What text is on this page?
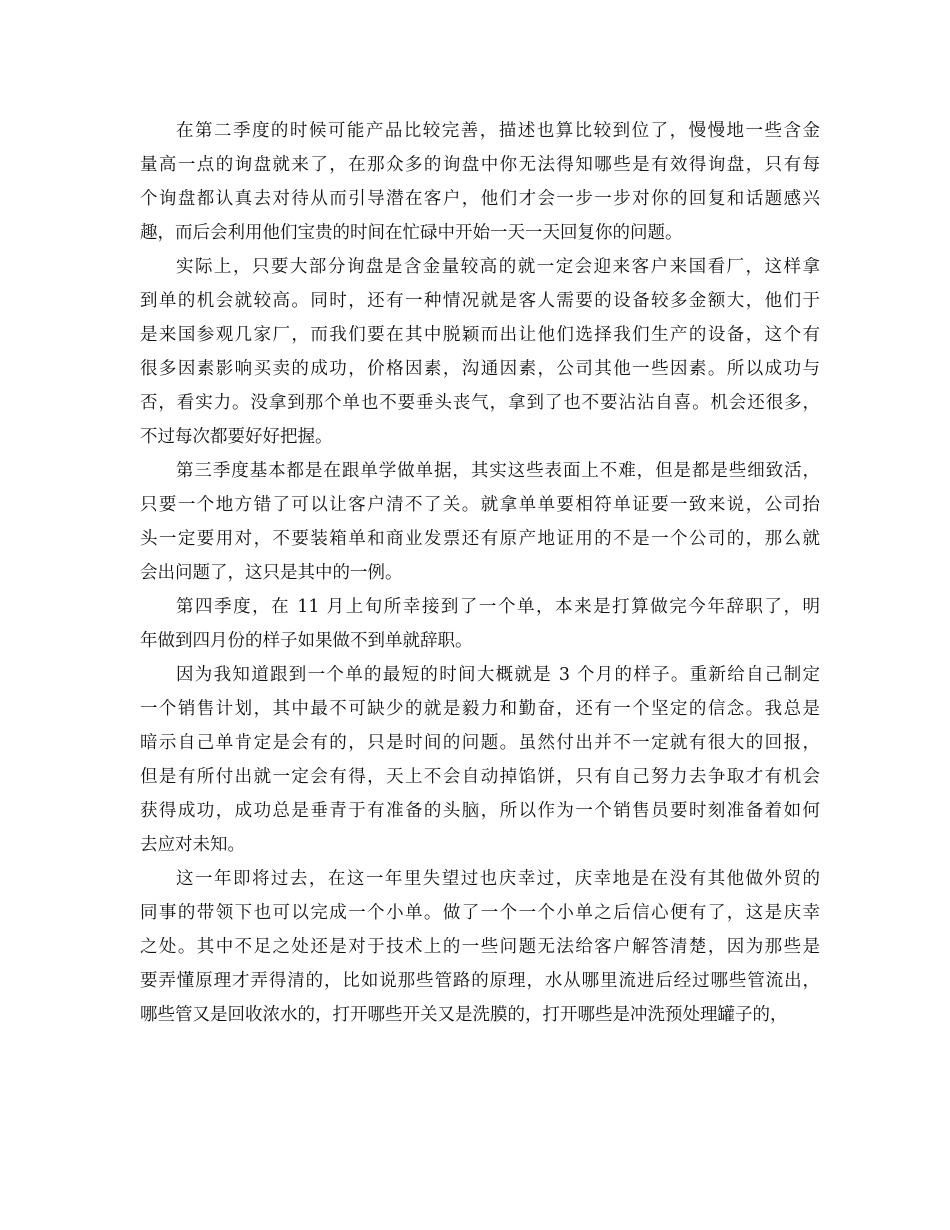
在第二季度的时候可能产品比较完善，描述也算比较到位了，慢慢地一些含金
量高一点的询盘就来了，在那众多的询盘中你无法得知哪些是有效得询盘，只有每
个询盘都认真去对待从而引导潜在客户，他们才会一步一步对你的回复和话题感兴
趣，而后会利用他们宝贵的时间在忙碌中开始一天一天回复你的问题。
实际上，只要大部分询盘是含金量较高的就一定会迎来客户来国看厂，这样拿
到单的机会就较高。同时，还有一种情况就是客人需要的设备较多金额大，他们于
是来国参观几家厂，而我们要在其中脱颖而出让他们选择我们生产的设备，这个有
很多因素影响买卖的成功，价格因素，沟通因素，公司其他一些因素。所以成功与
否，看实力。没拿到那个单也不要垂头丧气，拿到了也不要沾沾自喜。机会还很多，
不过每次都要好好把握。
第三季度基本都是在跟单学做单据，其实这些表面上不难，但是都是些细致活，
只要一个地方错了可以让客户清不了关。就拿单单要相符单证要一致来说，公司抬
头一定要用对，不要装箱单和商业发票还有原产地证用的不是一个公司的，那么就
会出问题了，这只是其中的一例。
第四季度，在 11 月上旬所幸接到了一个单，本来是打算做完今年辞职了，明
年做到四月份的样子如果做不到单就辞职。
因为我知道跟到一个单的最短的时间大概就是 3 个月的样子。重新给自己制定
一个销售计划，其中最不可缺少的就是毅力和勤奋，还有一个坚定的信念。我总是
暗示自己单肯定是会有的，只是时间的问题。虽然付出并不一定就有很大的回报，
但是有所付出就一定会有得，天上不会自动掉馅饼，只有自己努力去争取才有机会
获得成功，成功总是垂青于有准备的头脑，所以作为一个销售员要时刻准备着如何
去应对未知。
这一年即将过去，在这一年里失望过也庆幸过，庆幸地是在没有其他做外贸的
同事的带领下也可以完成一个小单。做了一个一个小单之后信心便有了，这是庆幸
之处。其中不足之处还是对于技术上的一些问题无法给客户解答清楚，因为那些是
要弄懂原理才弄得清的，比如说那些管路的原理，水从哪里流进后经过哪些管流出，
哪些管又是回收浓水的，打开哪些开关又是洗膜的，打开哪些是冲洗预处理罐子的，
